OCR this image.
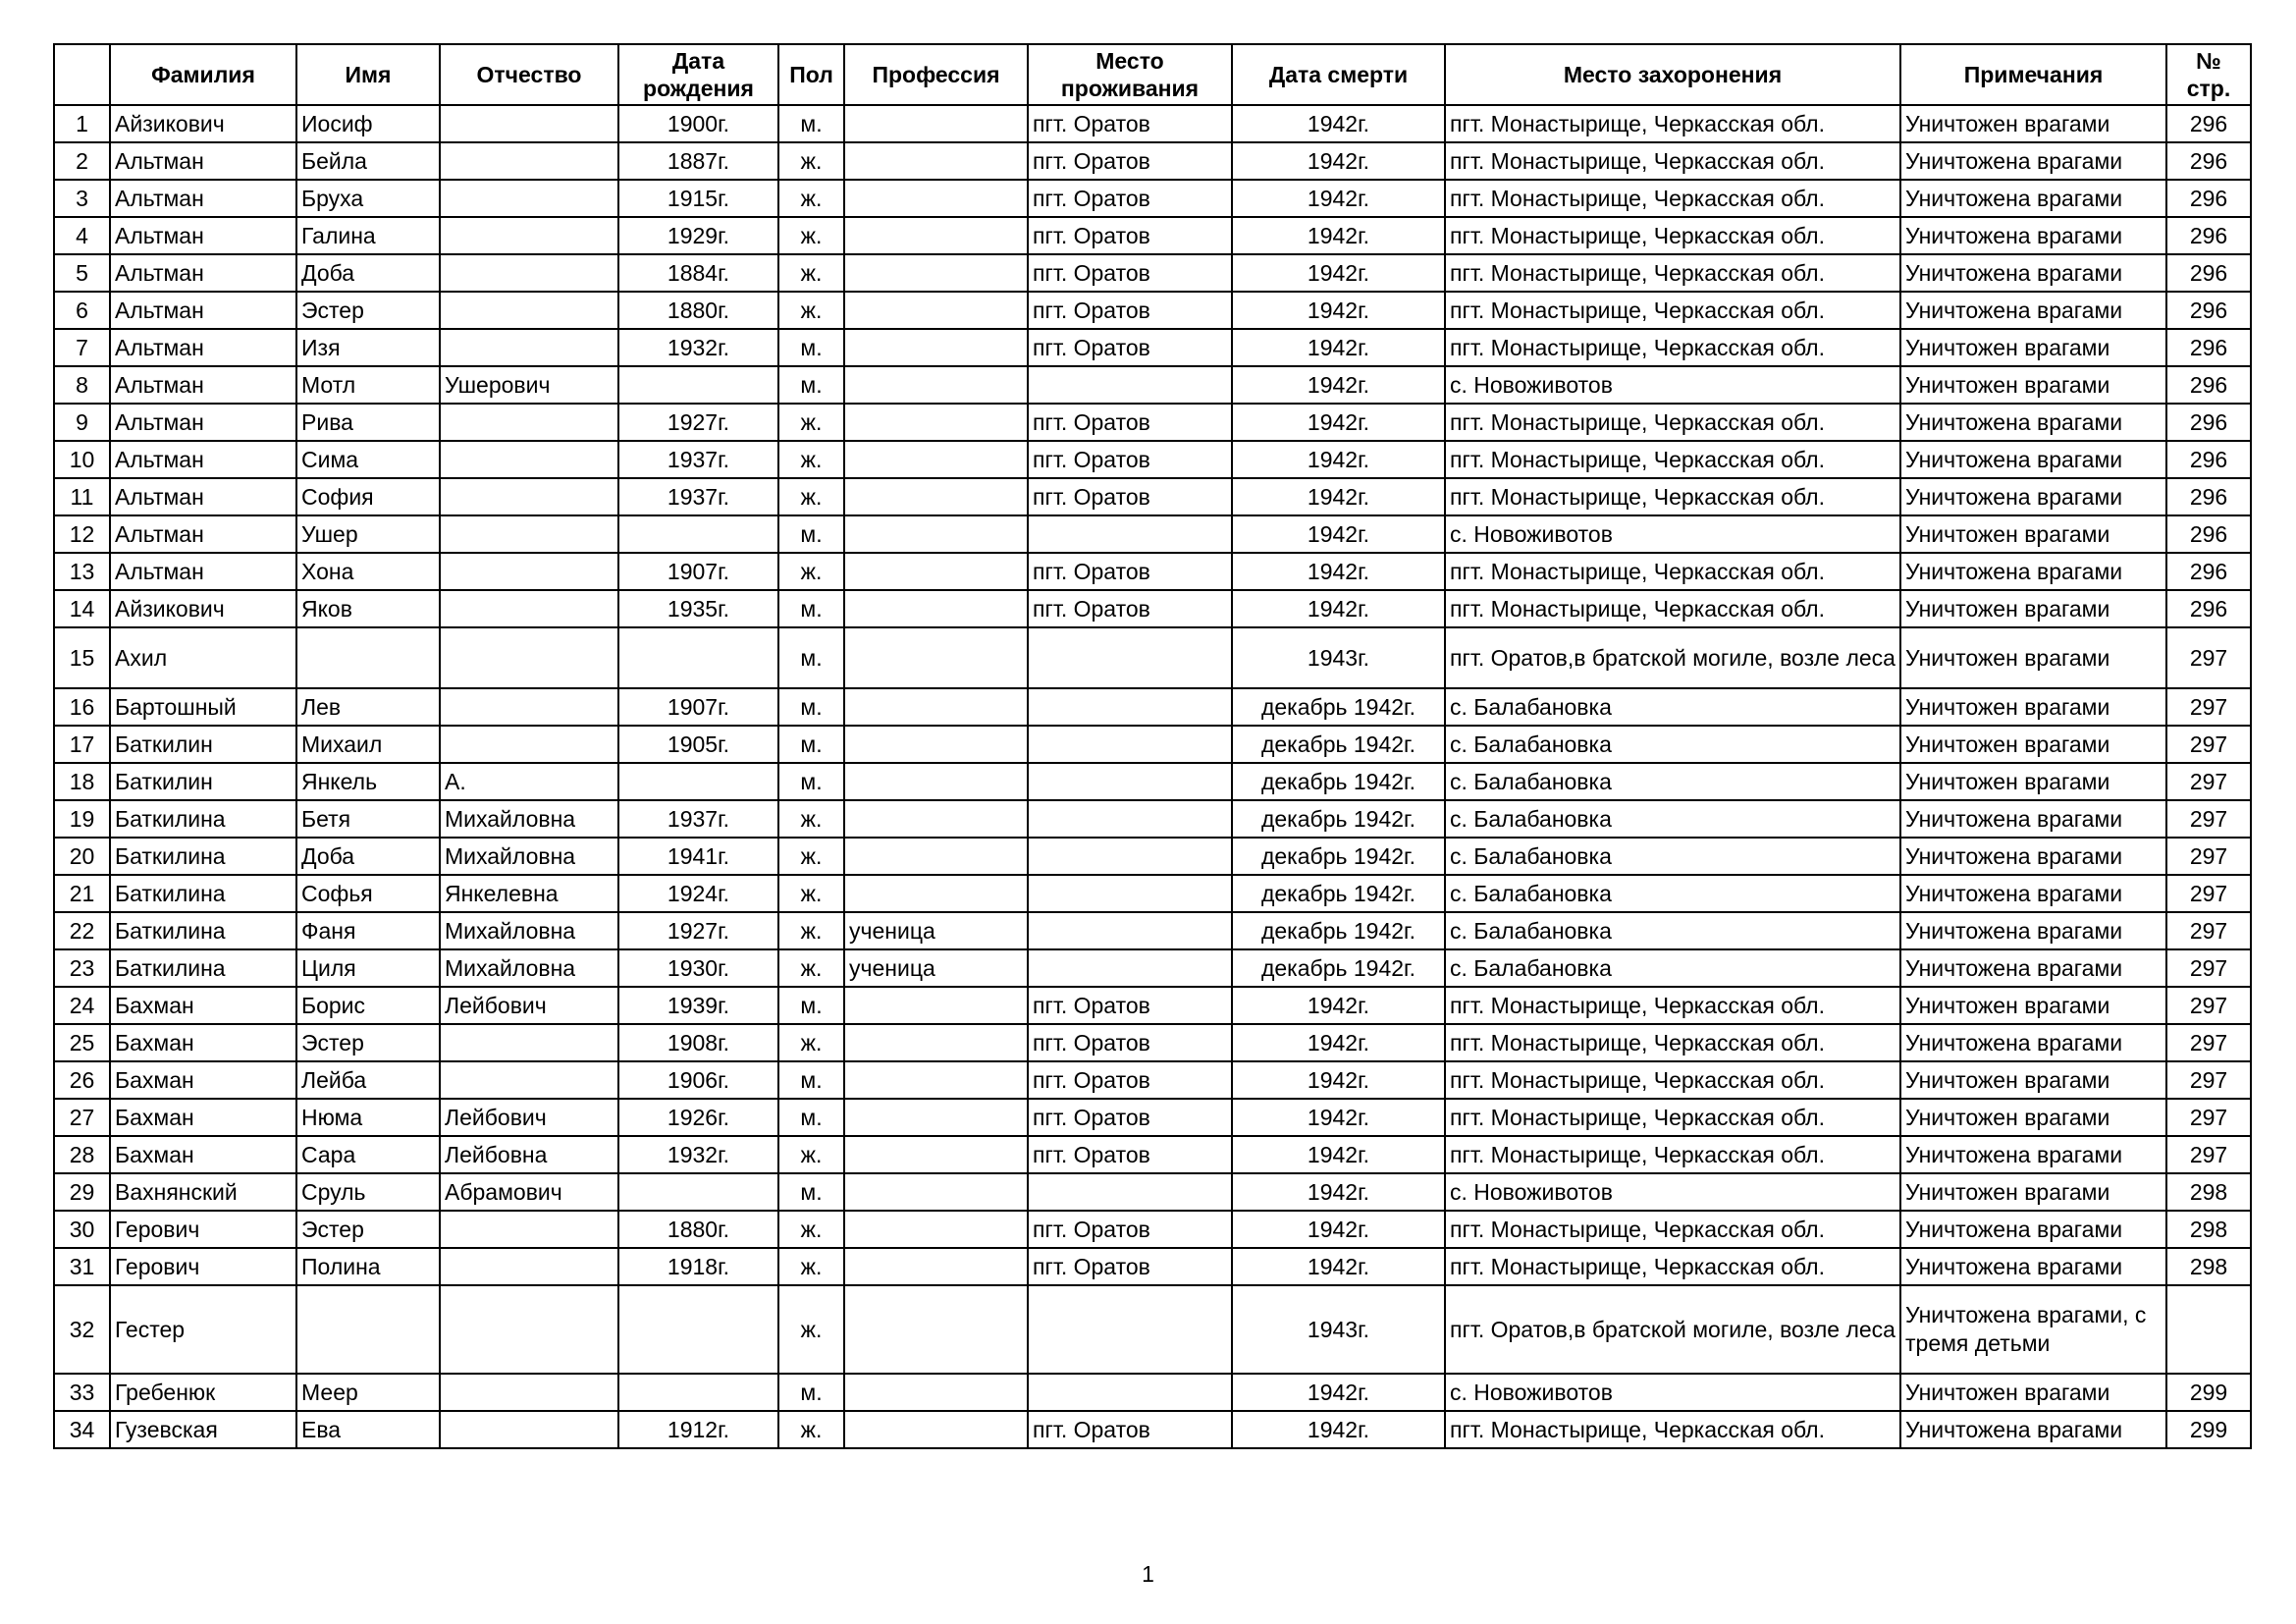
	Фамилия	Имя	Отчество	Дата рождения	Пол	Профессия	Место проживания	Дата смерти	Место захоронения	Примечания	№ стр.
1	Айзикович	Иосиф		1900г.	м.		пгт. Оратов	1942г.	пгт. Монастырище, Черкасская обл.	Уничтожен врагами	296
2	Альтман	Бейла		1887г.	ж.		пгт. Оратов	1942г.	пгт. Монастырище, Черкасская обл.	Уничтожена врагами	296
3	Альтман	Бруха		1915г.	ж.		пгт. Оратов	1942г.	пгт. Монастырище, Черкасская обл.	Уничтожена врагами	296
4	Альтман	Галина		1929г.	ж.		пгт. Оратов	1942г.	пгт. Монастырище, Черкасская обл.	Уничтожена врагами	296
5	Альтман	Доба		1884г.	ж.		пгт. Оратов	1942г.	пгт. Монастырище, Черкасская обл.	Уничтожена врагами	296
6	Альтман	Эстер		1880г.	ж.		пгт. Оратов	1942г.	пгт. Монастырище, Черкасская обл.	Уничтожена врагами	296
7	Альтман	Изя		1932г.	м.		пгт. Оратов	1942г.	пгт. Монастырище, Черкасская обл.	Уничтожен врагами	296
8	Альтман	Мотл	Ушерович		м.			1942г.	с. Новоживотов	Уничтожен врагами	296
9	Альтман	Рива		1927г.	ж.		пгт. Оратов	1942г.	пгт. Монастырище, Черкасская обл.	Уничтожена врагами	296
10	Альтман	Сима		1937г.	ж.		пгт. Оратов	1942г.	пгт. Монастырище, Черкасская обл.	Уничтожена врагами	296
11	Альтман	София		1937г.	ж.		пгт. Оратов	1942г.	пгт. Монастырище, Черкасская обл.	Уничтожена врагами	296
12	Альтман	Ушер			м.			1942г.	с. Новоживотов	Уничтожен врагами	296
13	Альтман	Хона		1907г.	ж.		пгт. Оратов	1942г.	пгт. Монастырище, Черкасская обл.	Уничтожена врагами	296
14	Айзикович	Яков		1935г.	м.		пгт. Оратов	1942г.	пгт. Монастырище, Черкасская обл.	Уничтожен врагами	296
15	Ахил				м.			1943г.	пгт. Оратов,в братской могиле, возле леса	Уничтожен врагами	297
16	Бартошный	Лев		1907г.	м.			декабрь 1942г.	с. Балабановка	Уничтожен врагами	297
17	Баткилин	Михаил		1905г.	м.			декабрь 1942г.	с. Балабановка	Уничтожен врагами	297
18	Баткилин	Янкель	А.		м.			декабрь 1942г.	с. Балабановка	Уничтожен врагами	297
19	Баткилина	Бетя	Михайловна	1937г.	ж.			декабрь 1942г.	с. Балабановка	Уничтожена врагами	297
20	Баткилина	Доба	Михайловна	1941г.	ж.			декабрь 1942г.	с. Балабановка	Уничтожена врагами	297
21	Баткилина	Софья	Янкелевна	1924г.	ж.			декабрь 1942г.	с. Балабановка	Уничтожена врагами	297
22	Баткилина	Фаня	Михайловна	1927г.	ж.	ученица		декабрь 1942г.	с. Балабановка	Уничтожена врагами	297
23	Баткилина	Циля	Михайловна	1930г.	ж.	ученица		декабрь 1942г.	с. Балабановка	Уничтожена врагами	297
24	Бахман	Борис	Лейбович	1939г.	м.		пгт. Оратов	1942г.	пгт. Монастырище, Черкасская обл.	Уничтожен врагами	297
25	Бахман	Эстер		1908г.	ж.		пгт. Оратов	1942г.	пгт. Монастырище, Черкасская обл.	Уничтожена врагами	297
26	Бахман	Лейба		1906г.	м.		пгт. Оратов	1942г.	пгт. Монастырище, Черкасская обл.	Уничтожен врагами	297
27	Бахман	Нюма	Лейбович	1926г.	м.		пгт. Оратов	1942г.	пгт. Монастырище, Черкасская обл.	Уничтожен врагами	297
28	Бахман	Сара	Лейбовна	1932г.	ж.		пгт. Оратов	1942г.	пгт. Монастырище, Черкасская обл.	Уничтожена врагами	297
29	Вахнянский	Сруль	Абрамович		м.			1942г.	с. Новоживотов	Уничтожен врагами	298
30	Герович	Эстер		1880г.	ж.		пгт. Оратов	1942г.	пгт. Монастырище, Черкасская обл.	Уничтожена врагами	298
31	Герович	Полина		1918г.	ж.		пгт. Оратов	1942г.	пгт. Монастырище, Черкасская обл.	Уничтожена врагами	298
32	Гестер				ж.			1943г.	пгт. Оратов,в братской могиле, возле леса	Уничтожена врагами, с тремя детьми	
33	Гребенюк	Меер			м.			1942г.	с. Новоживотов	Уничтожен врагами	299
34	Гузевская	Ева		1912г.	ж.		пгт. Оратов	1942г.	пгт. Монастырище, Черкасская обл.	Уничтожена врагами	299
1
